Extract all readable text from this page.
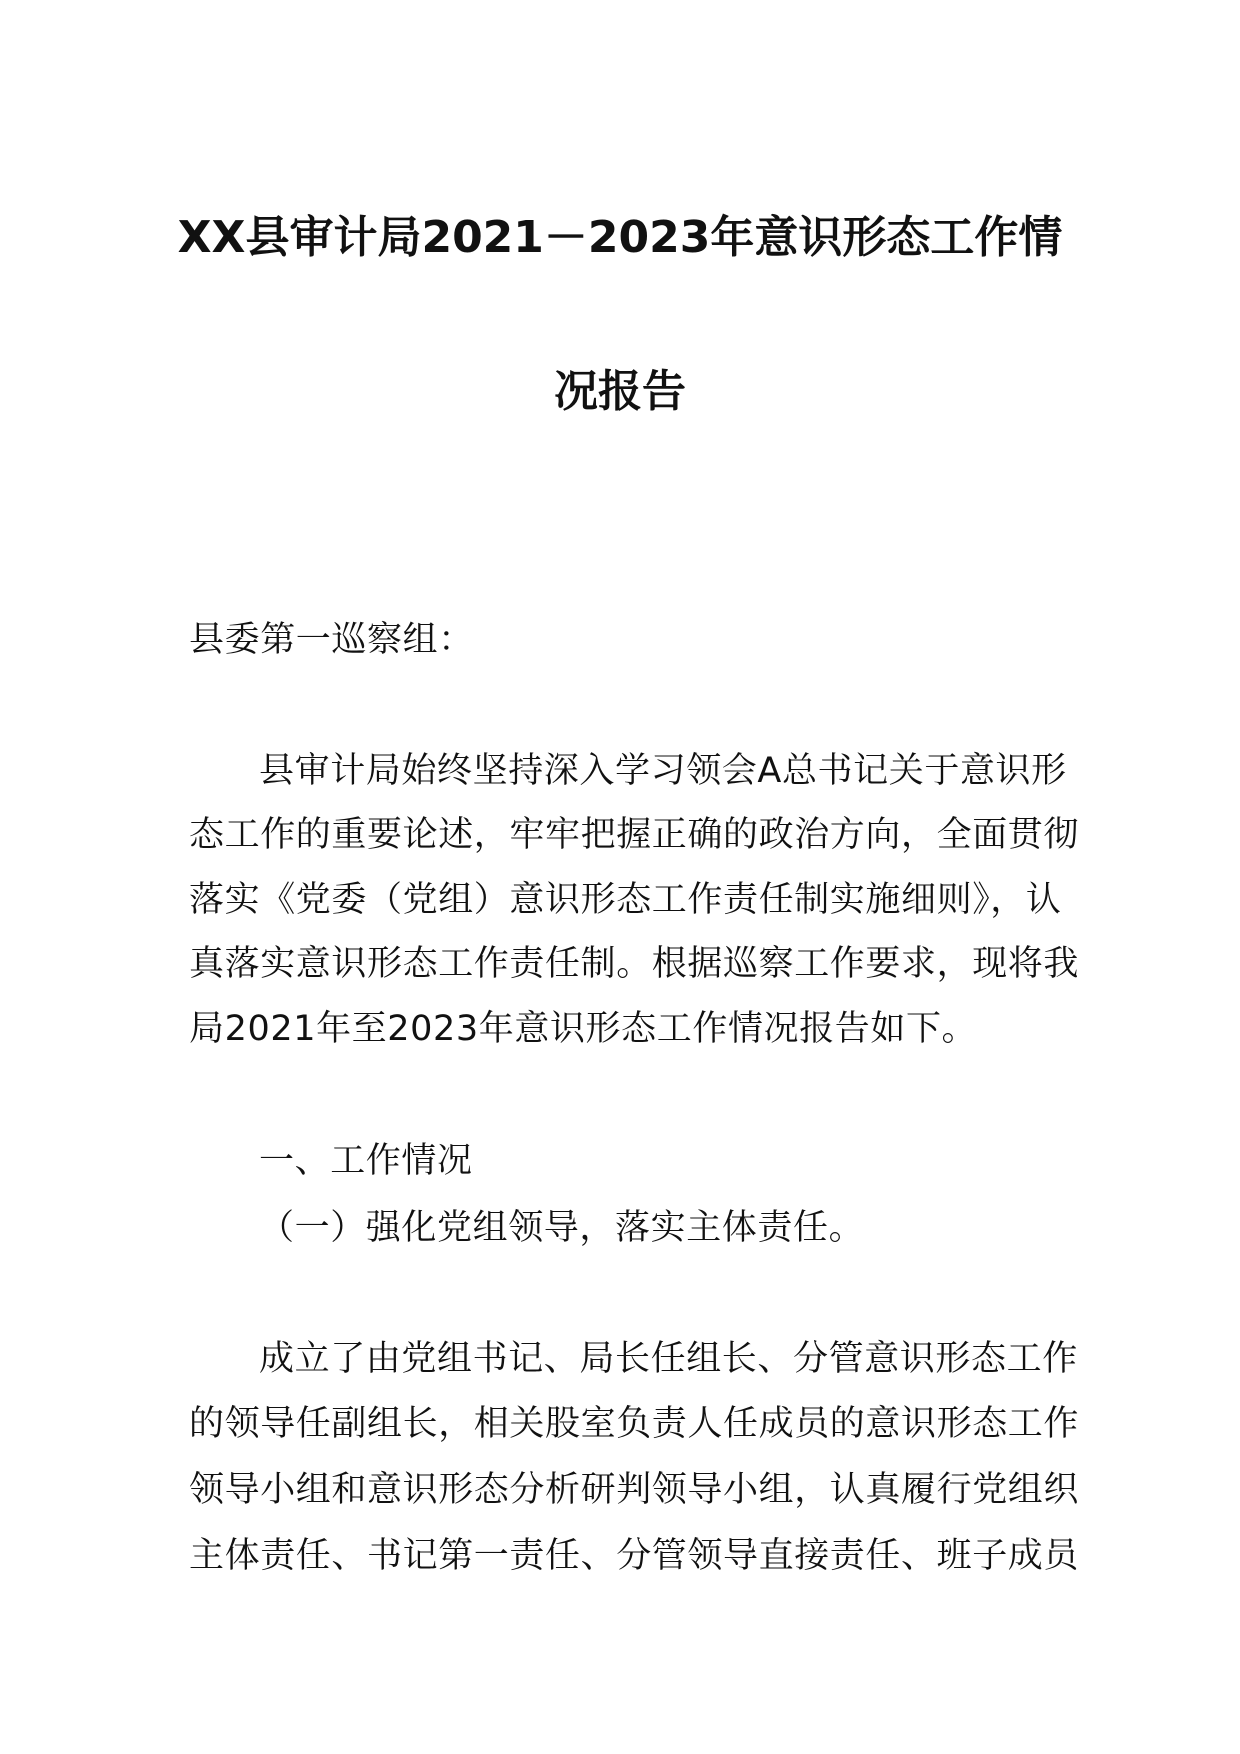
XX县审计局2021－2023年意识形态工作情
况报告
县委第一巡察组：
县审计局始终坚持深入学习领会A总书记关于意识形
态工作的重要论述，牢牢把握正确的政治方向，全面贯彻
落实《党委（党组）意识形态工作责任制实施细则》，认
真落实意识形态工作责任制。根据巡察工作要求，现将我
局2021年至2023年意识形态工作情况报告如下。
一、工作情况
（一）强化党组领导，落实主体责任。
成立了由党组书记、局长任组长、分管意识形态工作
的领导任副组长，相关股室负责人任成员的意识形态工作
领导小组和意识形态分析研判领导小组，认真履行党组织
主体责任、书记第一责任、分管领导直接责任、班子成员
